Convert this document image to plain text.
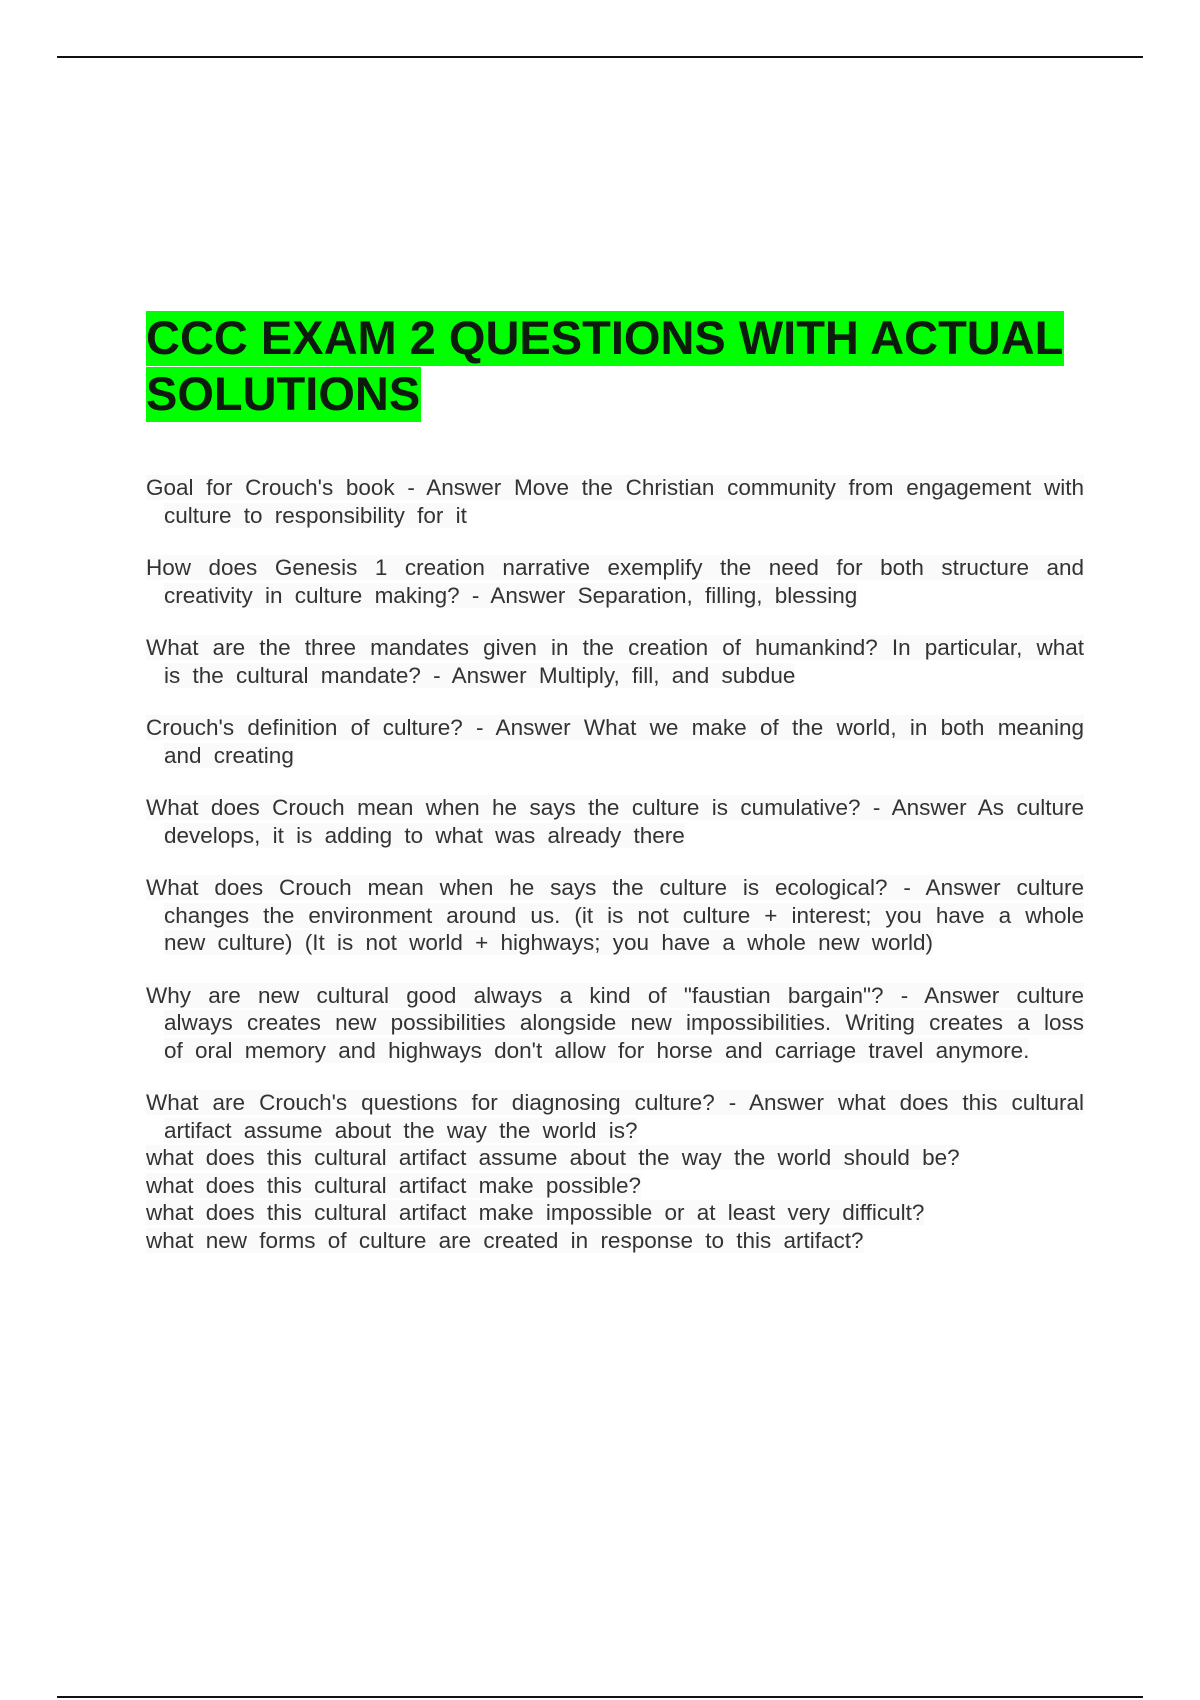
CCC EXAM 2 QUESTIONS WITH ACTUAL SOLUTIONS

Goal for Crouch's book - Answer Move the Christian community from engagement with culture to responsibility for it

How does Genesis 1 creation narrative exemplify the need for both structure and creativity in culture making? - Answer Separation, filling, blessing

What are the three mandates given in the creation of humankind? In particular, what is the cultural mandate? - Answer Multiply, fill, and subdue

Crouch's definition of culture? - Answer What we make of the world, in both meaning and creating

What does Crouch mean when he says the culture is cumulative? - Answer As culture develops, it is adding to what was already there

What does Crouch mean when he says the culture is ecological? - Answer culture changes the environment around us. (it is not culture + interest; you have a whole new culture) (It is not world + highways; you have a whole new world)

Why are new cultural good always a kind of "faustian bargain"? - Answer culture always creates new possibilities alongside new impossibilities. Writing creates a loss of oral memory and highways don't allow for horse and carriage travel anymore.

What are Crouch's questions for diagnosing culture? - Answer what does this cultural artifact assume about the way the world is?

what does this cultural artifact assume about the way the world should be?

what does this cultural artifact make possible?

what does this cultural artifact make impossible or at least very difficult?

what new forms of culture are created in response to this artifact?
